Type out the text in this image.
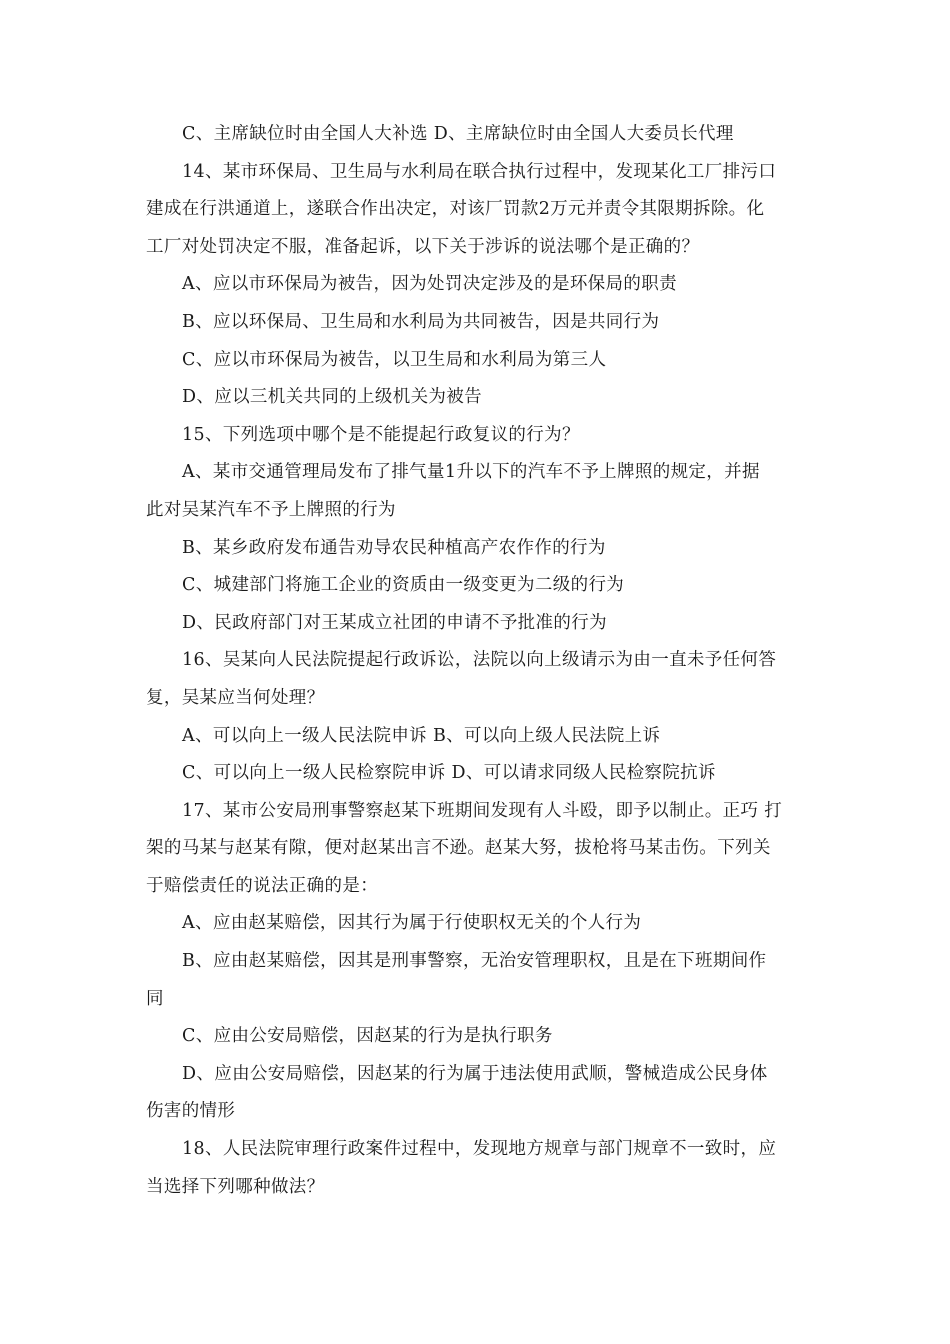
C、主席缺位时由全国人大补选 D、主席缺位时由全国人大委员长代理
14、某市环保局、卫生局与水利局在联合执行过程中，发现某化工厂排污口
建成在行洪通道上，遂联合作出决定，对该厂罚款2万元并责令其限期拆除。化
工厂对处罚决定不服，准备起诉，以下关于涉诉的说法哪个是正确的？
A、应以市环保局为被告，因为处罚决定涉及的是环保局的职责
B、应以环保局、卫生局和水利局为共同被告，因是共同行为
C、应以市环保局为被告，以卫生局和水利局为第三人
D、应以三机关共同的上级机关为被告
15、下列选项中哪个是不能提起行政复议的行为？
A、某市交通管理局发布了排气量1升以下的汽车不予上牌照的规定，并据
此对吴某汽车不予上牌照的行为
B、某乡政府发布通告劝导农民种植高产农作作的行为
C、城建部门将施工企业的资质由一级变更为二级的行为
D、民政府部门对王某成立社团的申请不予批准的行为
16、吴某向人民法院提起行政诉讼，法院以向上级请示为由一直未予任何答
复，吴某应当何处理？
A、可以向上一级人民法院申诉 B、可以向上级人民法院上诉
C、可以向上一级人民检察院申诉 D、可以请求同级人民检察院抗诉
17、某市公安局刑事警察赵某下班期间发现有人斗殴，即予以制止。正巧 打
架的马某与赵某有隙，便对赵某出言不逊。赵某大努，拔枪将马某击伤。下列关
于赔偿责任的说法正确的是：
A、应由赵某赔偿，因其行为属于行使职权无关的个人行为
B、应由赵某赔偿，因其是刑事警察，无治安管理职权，且是在下班期间作
同
C、应由公安局赔偿，因赵某的行为是执行职务
D、应由公安局赔偿，因赵某的行为属于违法使用武顺，警械造成公民身体
伤害的情形
18、人民法院审理行政案件过程中，发现地方规章与部门规章不一致时，应
当选择下列哪种做法？
